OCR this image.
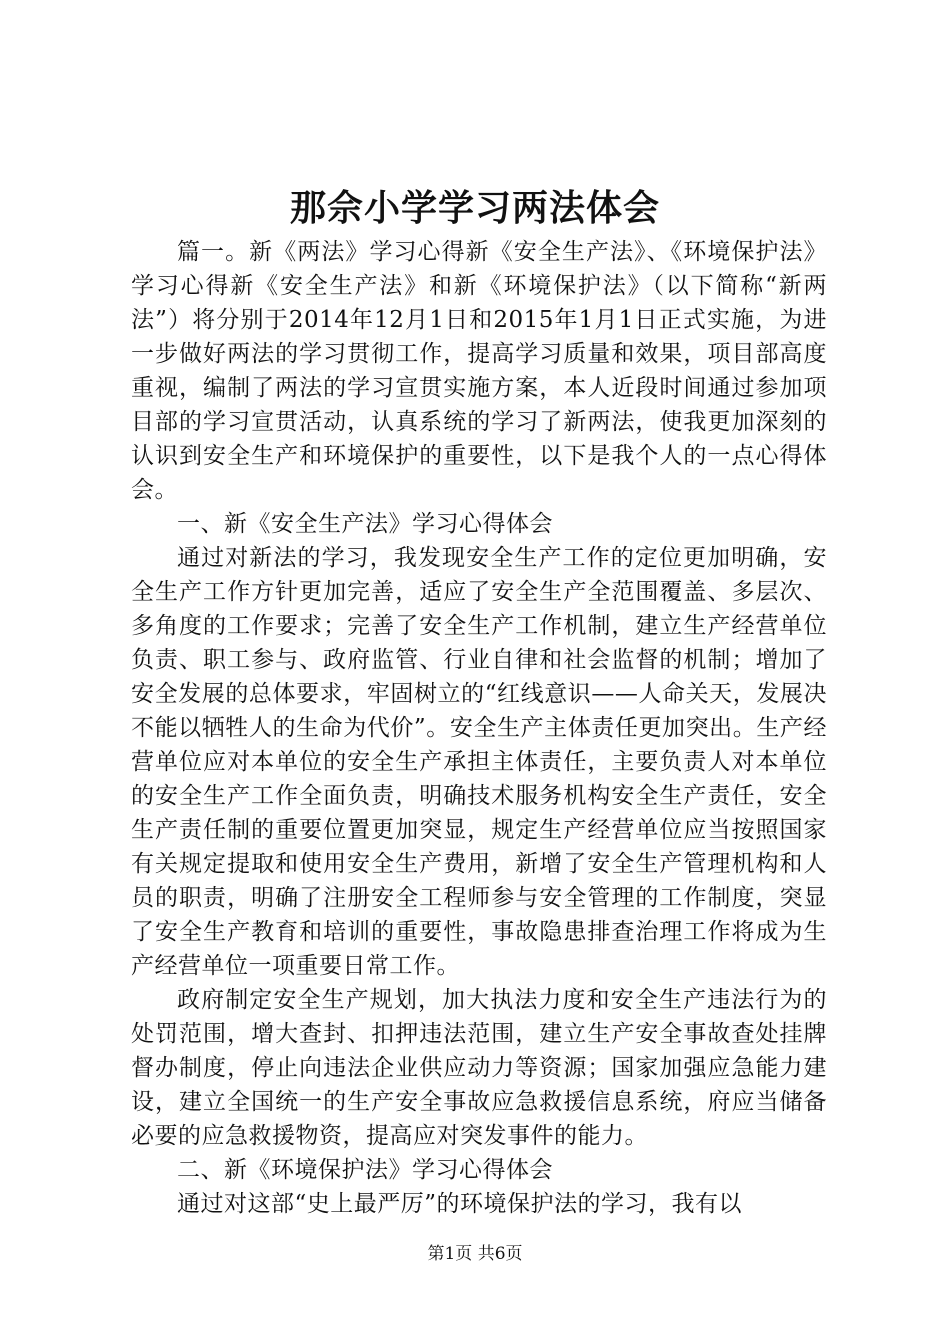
那佘小学学习两法体会

篇一。新《两法》学习心得新《安全生产法》、《环境保护法》学习心得新《安全生产法》和新《环境保护法》（以下简称“新两法”）将分别于2014年12月1日和2015年1月1日正式实施，为进一步做好两法的学习贯彻工作，提高学习质量和效果，项目部高度重视，编制了两法的学习宣贯实施方案，本人近段时间通过参加项目部的学习宣贯活动，认真系统的学习了新两法，使我更加深刻的认识到安全生产和环境保护的重要性，以下是我个人的一点心得体会。

一、新《安全生产法》学习心得体会

通过对新法的学习，我发现安全生产工作的定位更加明确，安全生产工作方针更加完善，适应了安全生产全范围覆盖、多层次、多角度的工作要求；完善了安全生产工作机制，建立生产经营单位负责、职工参与、政府监管、行业自律和社会监督的机制；增加了安全发展的总体要求，牢固树立的“红线意识——人命关天，发展决不能以牺牲人的生命为代价”。安全生产主体责任更加突出。生产经营单位应对本单位的安全生产承担主体责任，主要负责人对本单位的安全生产工作全面负责，明确技术服务机构安全生产责任，安全生产责任制的重要位置更加突显，规定生产经营单位应当按照国家有关规定提取和使用安全生产费用，新增了安全生产管理机构和人员的职责，明确了注册安全工程师参与安全管理的工作制度，突显了安全生产教育和培训的重要性，事故隐患排查治理工作将成为生产经营单位一项重要日常工作。

政府制定安全生产规划，加大执法力度和安全生产违法行为的处罚范围，增大查封、扣押违法范围，建立生产安全事故查处挂牌督办制度，停止向违法企业供应动力等资源；国家加强应急能力建设，建立全国统一的生产安全事故应急救援信息系统，府应当储备必要的应急救援物资，提高应对突发事件的能力。

二、新《环境保护法》学习心得体会

通过对这部“史上最严厉”的环境保护法的学习，我有以

第1页 共6页
